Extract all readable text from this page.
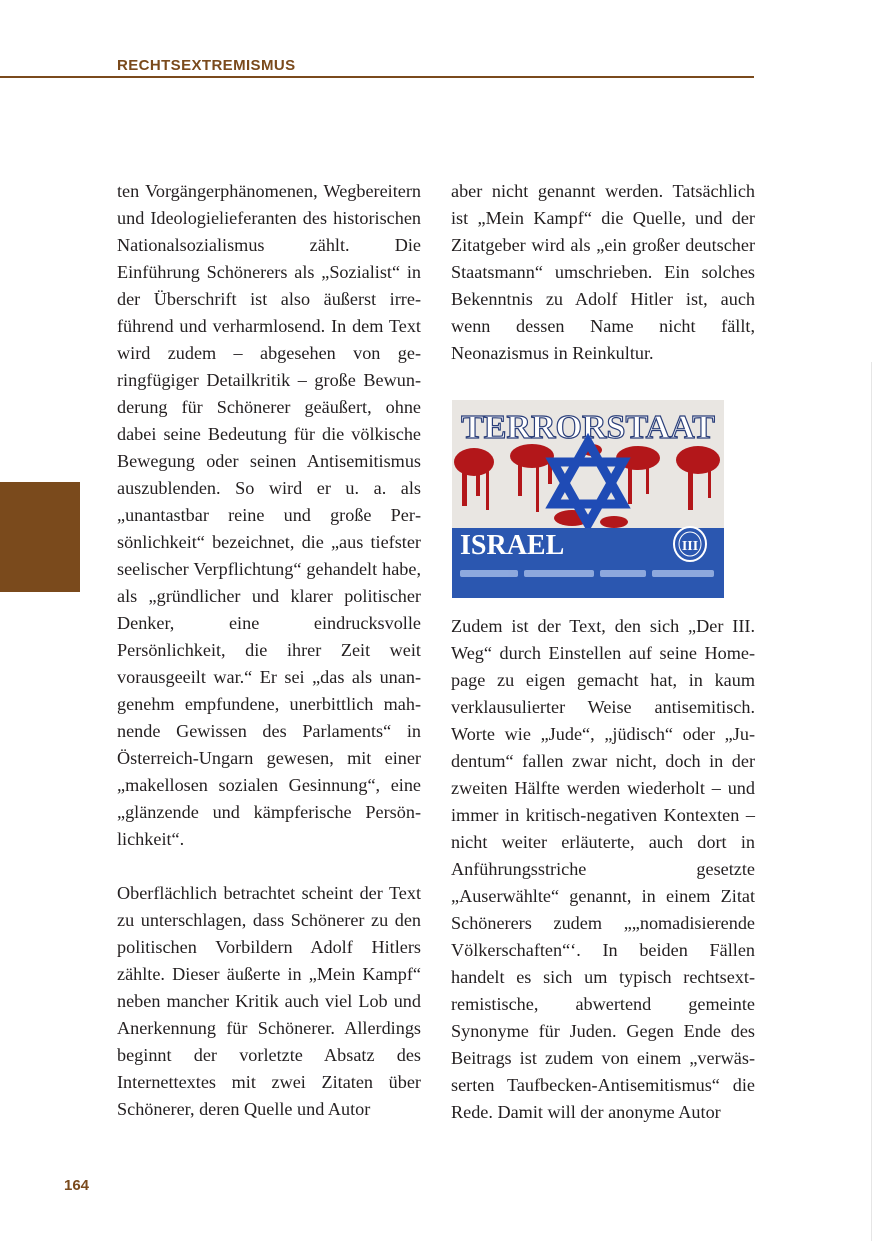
RECHTSEXTREMISMUS

ten Vorgängerphänomenen, Wegbereitern und Ideologielieferanten des historischen Nationalsozialismus zählt. Die Einführung Schönerers als „Sozialist“ in der Überschrift ist also äußerst irreführend und verharmlosend. In dem Text wird zudem – abgesehen von geringfügiger Detailkritik – große Bewunderung für Schönerer geäußert, ohne dabei seine Bedeutung für die völkische Bewegung oder seinen Antisemitismus auszublenden. So wird er u. a. als „unantastbar reine und große Persönlichkeit“ bezeichnet, die „aus tiefster seelischer Verpflichtung“ gehandelt habe, als „gründlicher und klarer politischer Denker, eine eindrucksvolle Persönlichkeit, die ihrer Zeit weit vorausgeeilt war.“ Er sei „das als unangenehm empfundene, unerbittlich mahnende Gewissen des Parlaments“ in Österreich-Ungarn gewesen, mit einer „makellosen sozialen Gesinnung“, eine „glänzende und kämpferische Persönlichkeit“.

Oberflächlich betrachtet scheint der Text zu unterschlagen, dass Schönerer zu den politischen Vorbildern Adolf Hitlers zählte. Dieser äußerte in „Mein Kampf“ neben mancher Kritik auch viel Lob und Anerkennung für Schönerer. Allerdings beginnt der vorletzte Absatz des Internettextes mit zwei Zitaten über Schönerer, deren Quelle und Autor

aber nicht genannt werden. Tatsächlich ist „Mein Kampf“ die Quelle, und der Zitatgeber wird als „ein großer deutscher Staatsmann“ umschrieben. Ein solches Bekenntnis zu Adolf Hitler ist, auch wenn dessen Name nicht fällt, Neonazismus in Reinkultur.

TERRORSTAAT
ISRAEL	III

Zudem ist der Text, den sich „Der III. Weg“ durch Einstellen auf seine Homepage zu eigen gemacht hat, in kaum verklausulierter Weise antisemitisch. Worte wie „Jude“, „jüdisch“ oder „Judentum“ fallen zwar nicht, doch in der zweiten Hälfte werden wiederholt – und immer in kritisch-negativen Kontexten – nicht weiter erläuterte, auch dort in Anführungsstriche gesetzte „Auserwählte“ genannt, in einem Zitat Schönerers zudem „„nomadisierende Völkerschaften“‘. In beiden Fällen handelt es sich um typisch rechtsextremistische, abwertend gemeinte Synonyme für Juden. Gegen Ende des Beitrags ist zudem von einem „verwässerten Taufbecken-Antisemitismus“ die Rede. Damit will der anonyme Autor

164
